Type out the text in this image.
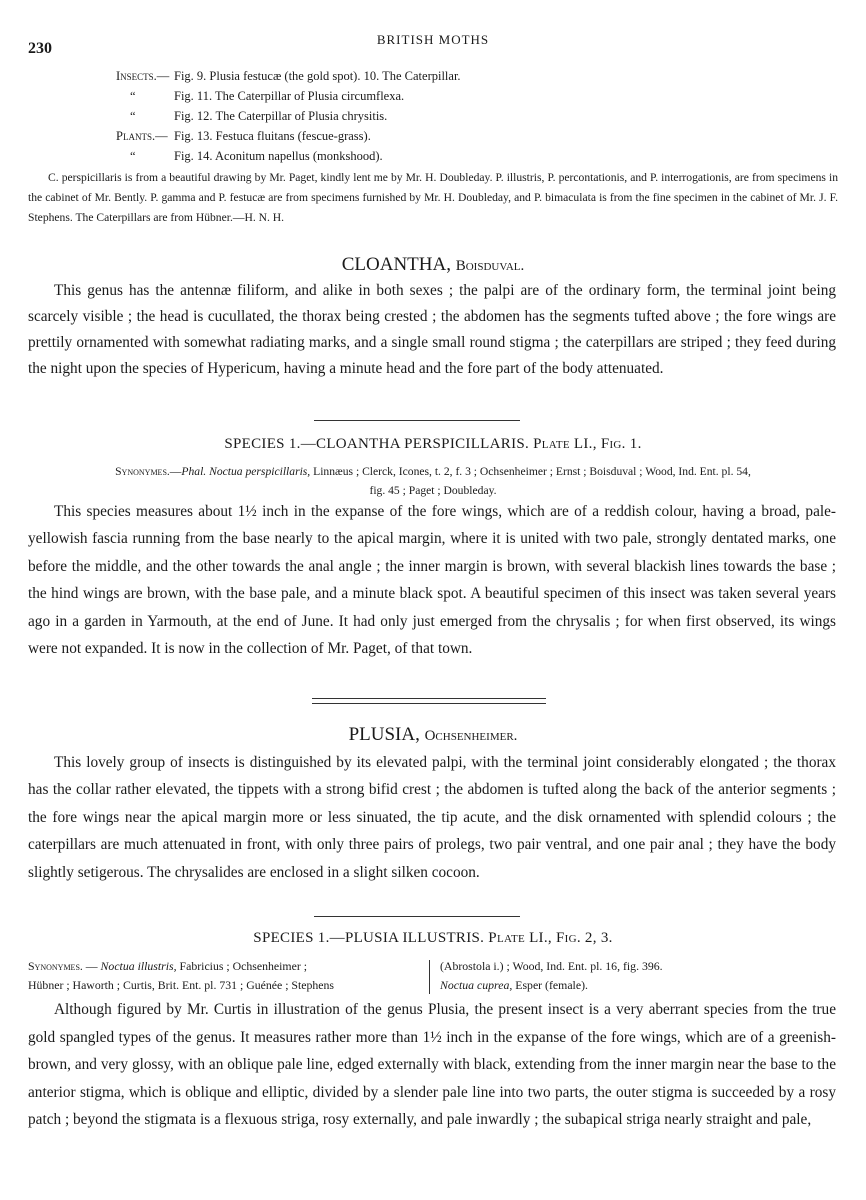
230
BRITISH MOTHS
Insects.— Fig. 9. Plusia festucæ (the gold spot). 10. The Caterpillar.
“	Fig. 11. The Caterpillar of Plusia circumflexa.
“	Fig. 12. The Caterpillar of Plusia chrysitis.
Plants.— Fig. 13. Festuca fluitans (fescue-grass).
“	Fig. 14. Aconitum napellus (monkshood).
C. perspicillaris is from a beautiful drawing by Mr. Paget, kindly lent me by Mr. H. Doubleday. P. illustris, P. percontationis, and P. interrogationis, are from specimens in the cabinet of Mr. Bently. P. gamma and P. festucæ are from specimens furnished by Mr. H. Doubleday, and P. bimaculata is from the fine specimen in the cabinet of Mr. J. F. Stephens. The Caterpillars are from Hübner.—H. N. H.
CLOANTHA, Boisduval.
This genus has the antennæ filiform, and alike in both sexes ; the palpi are of the ordinary form, the terminal joint being scarcely visible ; the head is cucullated, the thorax being crested ; the abdomen has the segments tufted above ; the fore wings are prettily ornamented with somewhat radiating marks, and a single small round stigma ; the caterpillars are striped ; they feed during the night upon the species of Hypericum, having a minute head and the fore part of the body attenuated.
SPECIES 1.—CLOANTHA PERSPICILLARIS. Plate LI., Fig. 1.
Synonymes.—Phal. Noctua perspicillaris, Linnæus ; Clerck, Icones, t. 2, f. 3 ; Ochsenheimer ; Ernst ; Boisduval ; Wood, Ind. Ent. pl. 54,
fig. 45 ; Paget ; Doubleday.
This species measures about 1½ inch in the expanse of the fore wings, which are of a reddish colour, having a broad, pale-yellowish fascia running from the base nearly to the apical margin, where it is united with two pale, strongly dentated marks, one before the middle, and the other towards the anal angle ; the inner margin is brown, with several blackish lines towards the base ; the hind wings are brown, with the base pale, and a minute black spot. A beautiful specimen of this insect was taken several years ago in a garden in Yarmouth, at the end of June. It had only just emerged from the chrysalis ; for when first observed, its wings were not expanded. It is now in the collection of Mr. Paget, of that town.
PLUSIA, Ochsenheimer.
This lovely group of insects is distinguished by its elevated palpi, with the terminal joint considerably elongated ; the thorax has the collar rather elevated, the tippets with a strong bifid crest ; the abdomen is tufted along the back of the anterior segments ; the fore wings near the apical margin more or less sinuated, the tip acute, and the disk ornamented with splendid colours ; the caterpillars are much attenuated in front, with only three pairs of prolegs, two pair ventral, and one pair anal ; they have the body slightly setigerous. The chrysalides are enclosed in a slight silken cocoon.
SPECIES 1.—PLUSIA ILLUSTRIS. Plate LI., Fig. 2, 3.
Synonymes. — Noctua illustris, Fabricius ; Ochsenheimer ;
Hübner ; Haworth ; Curtis, Brit. Ent. pl. 731 ; Guénée ; Stephens
(Abrostola i.) ; Wood, Ind. Ent. pl. 16, fig. 396.
Noctua cuprea, Esper (female).
Although figured by Mr. Curtis in illustration of the genus Plusia, the present insect is a very aberrant species from the true gold spangled types of the genus. It measures rather more than 1½ inch in the expanse of the fore wings, which are of a greenish-brown, and very glossy, with an oblique pale line, edged externally with black, extending from the inner margin near the base to the anterior stigma, which is oblique and elliptic, divided by a slender pale line into two parts, the outer stigma is succeeded by a rosy patch ; beyond the stigmata is a flexuous striga, rosy externally, and pale inwardly ; the subapical striga nearly straight and pale,
